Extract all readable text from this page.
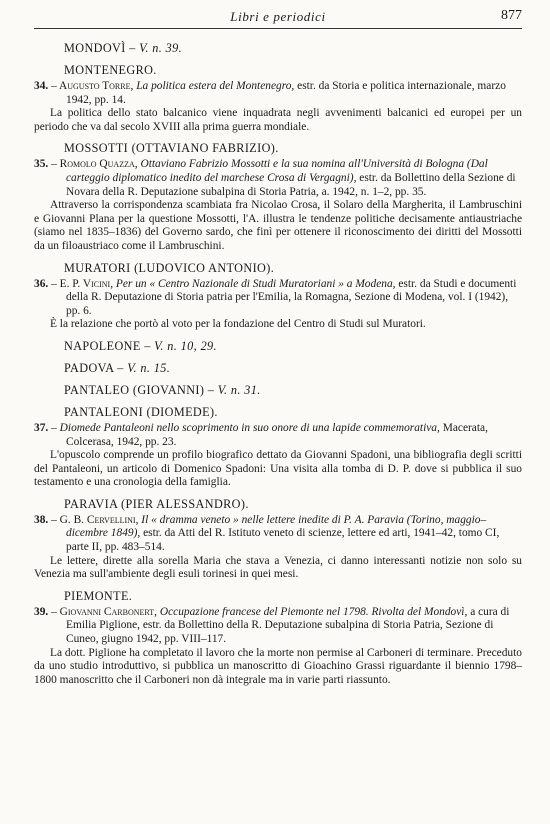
Libri e periodici	877
MONDOVÌ – V. n. 39.
MONTENEGRO.

34. – Augusto Torre, La politica estera del Montenegro, estr. da Storia e politica internazionale, marzo 1942, pp. 14.

La politica dello stato balcanico viene inquadrata negli avvenimenti balcanici ed europei per un periodo che va dal secolo XVIII alla prima guerra mondiale.

MOSSOTTI (OTTAVIANO FABRIZIO).

35. – Romolo Quazza, Ottaviano Fabrizio Mossotti e la sua nomina all'Università di Bologna (Dal carteggio diplomatico inedito del marchese Crosa di Vergagni), estr. da Bollettino della Sezione di Novara della R. Deputazione subalpina di Storia Patria, a. 1942, n. 1–2, pp. 35.

Attraverso la corrispondenza scambiata fra Nicolao Crosa, il Solaro della Margherita, il Lambruschini e Giovanni Plana per la questione Mossotti, l'A. illustra le tendenze politiche decisamente antiaustriache (siamo nel 1835–1836) del Governo sardo, che finì per ottenere il riconoscimento dei diritti del Mossotti da un filoaustriaco come il Lambruschini.

MURATORI (LUDOVICO ANTONIO).

36. – E. P. Vicini, Per un « Centro Nazionale di Studi Muratoriani » a Modena, estr. da Studi e documenti della R. Deputazione di Storia patria per l'Emilia, la Romagna, Sezione di Modena, vol. I (1942), pp. 6.

È la relazione che portò al voto per la fondazione del Centro di Studi sul Muratori.

NAPOLEONE – V. n. 10, 29.
PADOVA – V. n. 15.
PANTALEO (GIOVANNI) – V. n. 31.
PANTALEONI (DIOMEDE).

37. – Diomede Pantaleoni nello scoprimento in suo onore di una lapide commemorativa, Macerata, Colcerasa, 1942, pp. 23.

L'opuscolo comprende un profilo biografico dettato da Giovanni Spadoni, una bibliografia degli scritti del Pantaleoni, un articolo di Domenico Spadoni: Una visita alla tomba di D. P. dove si pubblica il suo testamento e una cronologia della famiglia.

PARAVIA (PIER ALESSANDRO).

38. – G. B. Cervellini, Il « dramma veneto » nelle lettere inedite di P. A. Paravia (Torino, maggio–dicembre 1849), estr. da Atti del R. Istituto veneto di scienze, lettere ed arti, 1941–42, tomo CI, parte II, pp. 483–514.

Le lettere, dirette alla sorella Maria che stava a Venezia, ci danno interessanti notizie non solo su Venezia ma sull'ambiente degli esuli torinesi in quei mesi.

PIEMONTE.

39. – Giovanni Carbonert, Occupazione francese del Piemonte nel 1798. Rivolta del Mondovì, a cura di Emilia Piglione, estr. da Bollettino della R. Deputazione subalpina di Storia Patria, Sezione di Cuneo, giugno 1942, pp. VIII–117.

La dott. Piglione ha completato il lavoro che la morte non permise al Carboneri di terminare. Preceduto da uno studio introduttivo, si pubblica un manoscritto di Gioachino Grassi riguardante il biennio 1798–1800 manoscritto che il Carboneri non dà integrale ma in varie parti riassunto.
